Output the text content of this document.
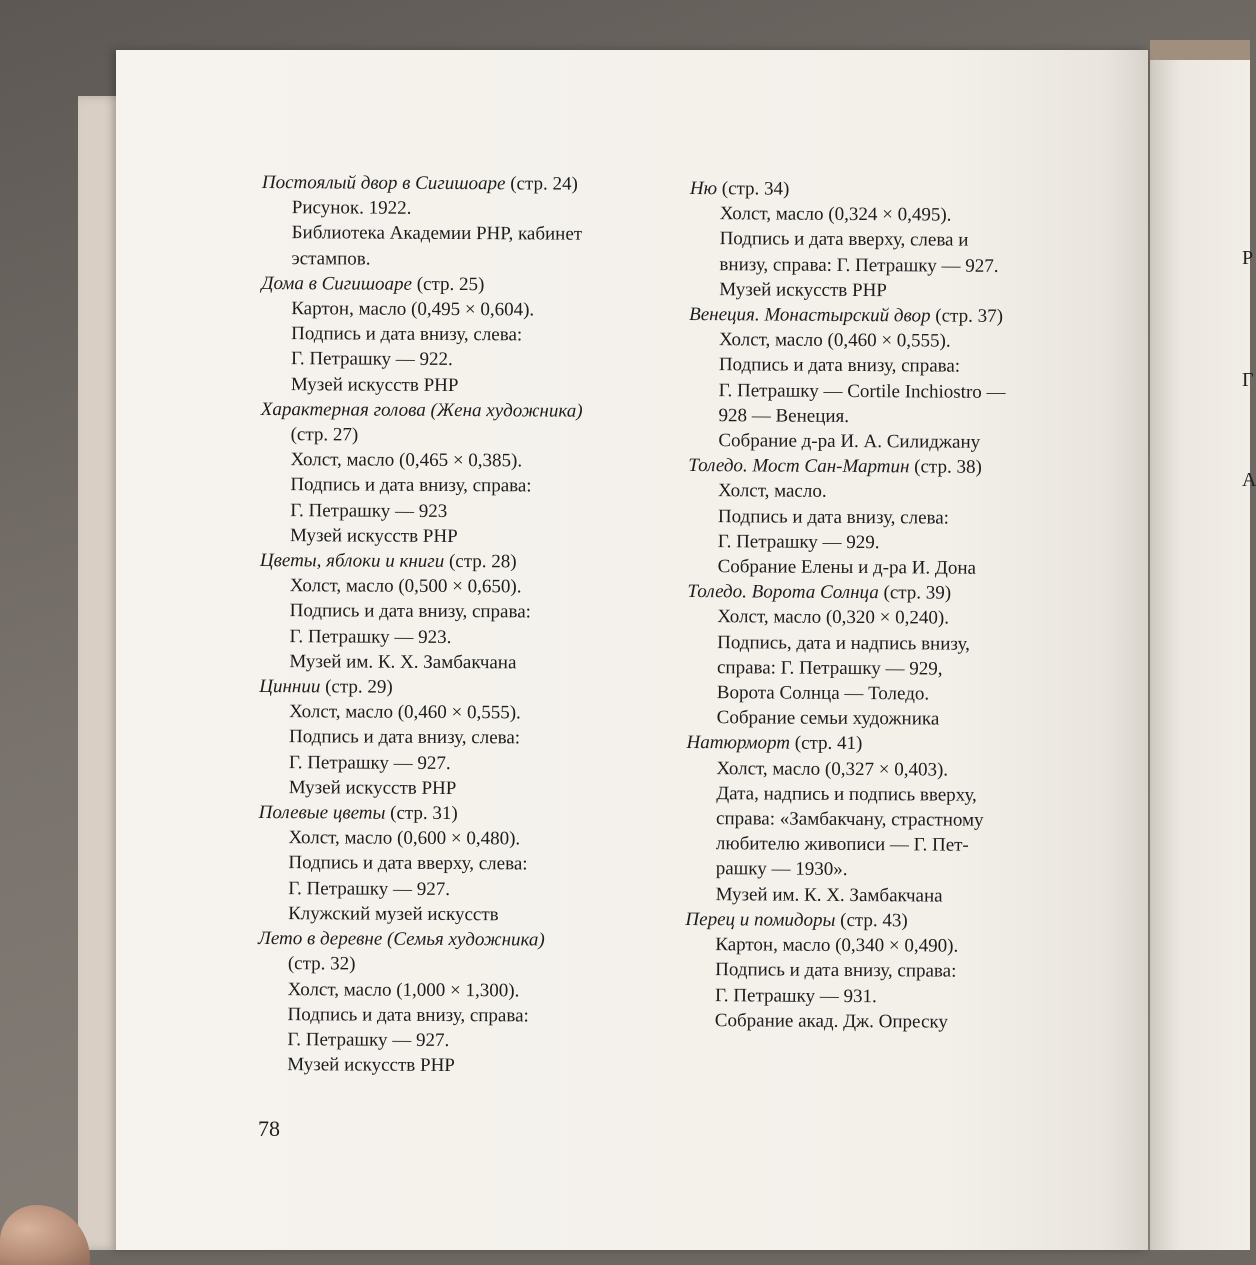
Р
Г
А
Постоялый двор в Сигишоаре (стр. 24)
Рисунок. 1922.
Библиотека Академии РНР, кабинет
эстампов.
Дома в Сигишоаре (стр. 25)
Картон, масло (0,495 × 0,604).
Подпись и дата внизу, слева:
Г. Петрашку — 922.
Музей искусств РНР
Характерная голова (Жена художника)
(стр. 27)
Холст, масло (0,465 × 0,385).
Подпись и дата внизу, справа:
Г. Петрашку — 923
Музей искусств РНР
Цветы, яблоки и книги (стр. 28)
Холст, масло (0,500 × 0,650).
Подпись и дата внизу, справа:
Г. Петрашку — 923.
Музей им. К. Х. Замбакчана
Циннии (стр. 29)
Холст, масло (0,460 × 0,555).
Подпись и дата внизу, слева:
Г. Петрашку — 927.
Музей искусств РНР
Полевые цветы (стр. 31)
Холст, масло (0,600 × 0,480).
Подпись и дата вверху, слева:
Г. Петрашку — 927.
Клужский музей искусств
Лето в деревне (Семья художника)
(стр. 32)
Холст, масло (1,000 × 1,300).
Подпись и дата внизу, справа:
Г. Петрашку — 927.
Музей искусств РНР
Ню (стр. 34)
Холст, масло (0,324 × 0,495).
Подпись и дата вверху, слева и
внизу, справа: Г. Петрашку — 927.
Музей искусств РНР
Венеция. Монастырский двор (стр. 37)
Холст, масло (0,460 × 0,555).
Подпись и дата внизу, справа:
Г. Петрашку — Cortile Inchiostro —
928 — Венеция.
Собрание д-ра И. А. Силиджану
Толедо. Мост Сан-Мартин (стр. 38)
Холст, масло.
Подпись и дата внизу, слева:
Г. Петрашку — 929.
Собрание Елены и д-ра И. Дона
Толедо. Ворота Солнца (стр. 39)
Холст, масло (0,320 × 0,240).
Подпись, дата и надпись внизу,
справа: Г. Петрашку — 929,
Ворота Солнца — Толедо.
Собрание семьи художника
Натюрморт (стр. 41)
Холст, масло (0,327 × 0,403).
Дата, надпись и подпись вверху,
справа: «Замбакчану, страстному
любителю живописи — Г. Пет-
рашку — 1930».
Музей им. К. Х. Замбакчана
Перец и помидоры (стр. 43)
Картон, масло (0,340 × 0,490).
Подпись и дата внизу, справа:
Г. Петрашку — 931.
Собрание акад. Дж. Опреску
78
